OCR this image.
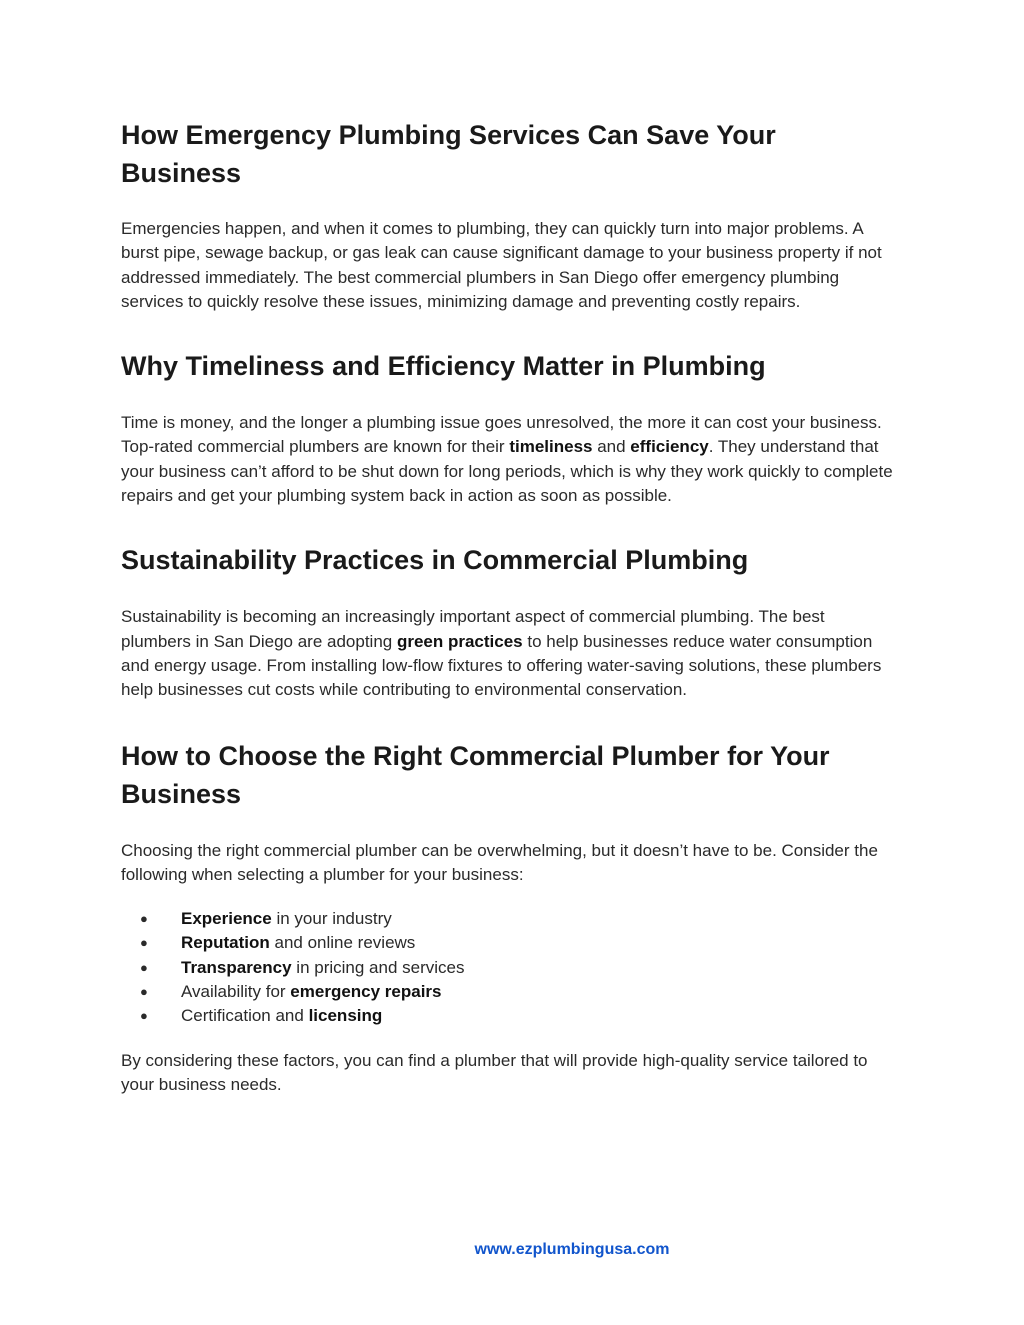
How Emergency Plumbing Services Can Save Your Business

Emergencies happen, and when it comes to plumbing, they can quickly turn into major problems. A burst pipe, sewage backup, or gas leak can cause significant damage to your business property if not addressed immediately. The best commercial plumbers in San Diego offer emergency plumbing services to quickly resolve these issues, minimizing damage and preventing costly repairs.

Why Timeliness and Efficiency Matter in Plumbing

Time is money, and the longer a plumbing issue goes unresolved, the more it can cost your business. Top-rated commercial plumbers are known for their timeliness and efficiency. They understand that your business can’t afford to be shut down for long periods, which is why they work quickly to complete repairs and get your plumbing system back in action as soon as possible.

Sustainability Practices in Commercial Plumbing

Sustainability is becoming an increasingly important aspect of commercial plumbing. The best plumbers in San Diego are adopting green practices to help businesses reduce water consumption and energy usage. From installing low-flow fixtures to offering water-saving solutions, these plumbers help businesses cut costs while contributing to environmental conservation.

How to Choose the Right Commercial Plumber for Your Business

Choosing the right commercial plumber can be overwhelming, but it doesn’t have to be. Consider the following when selecting a plumber for your business:

● Experience in your industry
● Reputation and online reviews
● Transparency in pricing and services
● Availability for emergency repairs
● Certification and licensing

By considering these factors, you can find a plumber that will provide high-quality service tailored to your business needs.

www.ezplumbingusa.com
